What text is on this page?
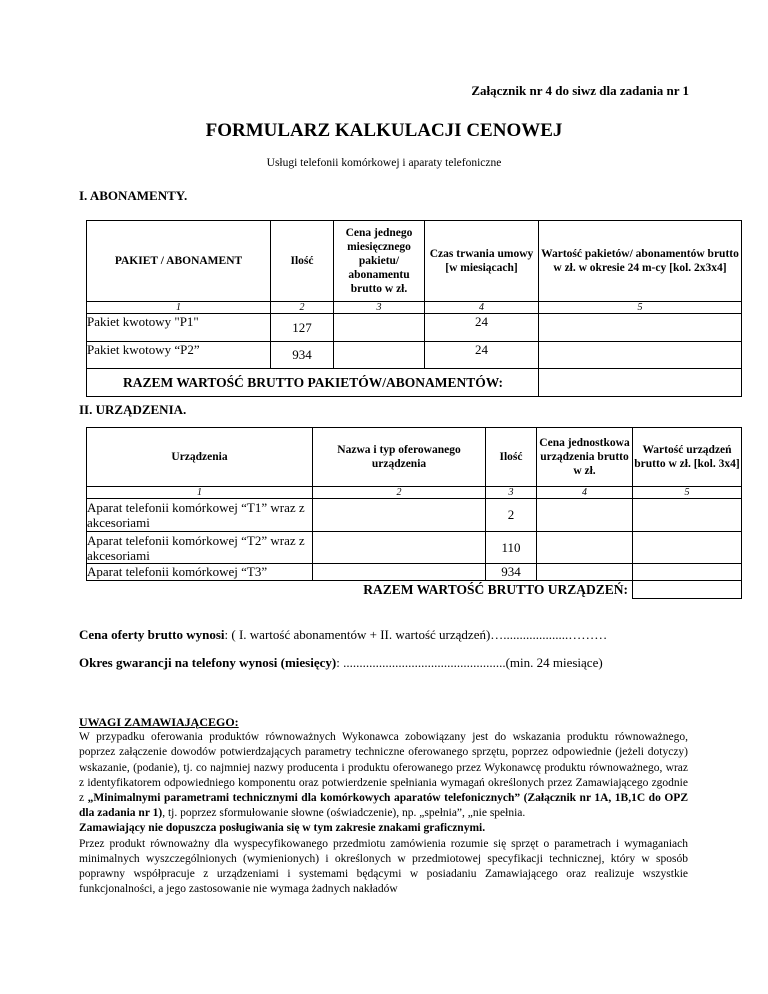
Załącznik nr 4 do siwz dla zadania nr 1
FORMULARZ KALKULACJI CENOWEJ
Usługi telefonii komórkowej i aparaty telefoniczne
I. ABONAMENTY.
PAKIET / ABONAMENT	Ilość	Cena jednego miesięcznego pakietu/ abonamentu brutto w zł.	Czas trwania umowy [w miesiącach]	Wartość pakietów/ abonamentów brutto w zł. w okresie 24 m-cy [kol. 2x3x4]
1	2	3	4	5
Pakiet kwotowy "P1"	127		24	
Pakiet kwotowy “P2”	934		24	
RAZEM WARTOŚĆ BRUTTO PAKIETÓW/ABONAMENTÓW:				
II. URZĄDZENIA.
Urządzenia	Nazwa i typ oferowanego urządzenia	Ilość	Cena jednostkowa urządzenia brutto w zł.	Wartość urządzeń brutto w zł. [kol. 3x4]
1	2	3	4	5
Aparat telefonii komórkowej “T1” wraz z akcesoriami		2		
Aparat telefonii komórkowej “T2” wraz z akcesoriami		110		
Aparat telefonii komórkowej “T3”		934		
RAZEM WARTOŚĆ BRUTTO URZĄDZEŃ:				
Cena oferty brutto wynosi: ( I. wartość abonamentów + II. wartość urządzeń)…....................………
Okres gwarancji na telefony wynosi (miesięcy): ..................................................(min. 24 miesiące)

UWAGI ZAMAWIAJĄCEGO:

W przypadku oferowania produktów równoważnych Wykonawca zobowiązany jest do wskazania produktu równoważnego, poprzez załączenie dowodów potwierdzających parametry techniczne oferowanego sprzętu, poprzez odpowiednie (jeżeli dotyczy) wskazanie, (podanie), tj. co najmniej nazwy producenta i produktu oferowanego przez Wykonawcę produktu równoważnego, wraz z identyfikatorem odpowiedniego komponentu oraz potwierdzenie spełniania wymagań określonych przez Zamawiającego zgodnie z „Minimalnymi parametrami technicznymi dla komórkowych aparatów telefonicznych” (Załącznik nr 1A, 1B,1C do OPZ dla zadania nr 1), tj. poprzez sformułowanie słowne (oświadczenie), np. „spełnia”, „nie spełnia.

Zamawiający nie dopuszcza posługiwania się w tym zakresie znakami graficznymi.

Przez produkt równoważny dla wyspecyfikowanego przedmiotu zamówienia rozumie się sprzęt o parametrach i wymaganiach minimalnych wyszczególnionych (wymienionych) i określonych w przedmiotowej specyfikacji technicznej, który w sposób poprawny współpracuje z urządzeniami i systemami będącymi w posiadaniu Zamawiającego oraz realizuje wszystkie funkcjonalności, a jego zastosowanie nie wymaga żadnych nakładów
